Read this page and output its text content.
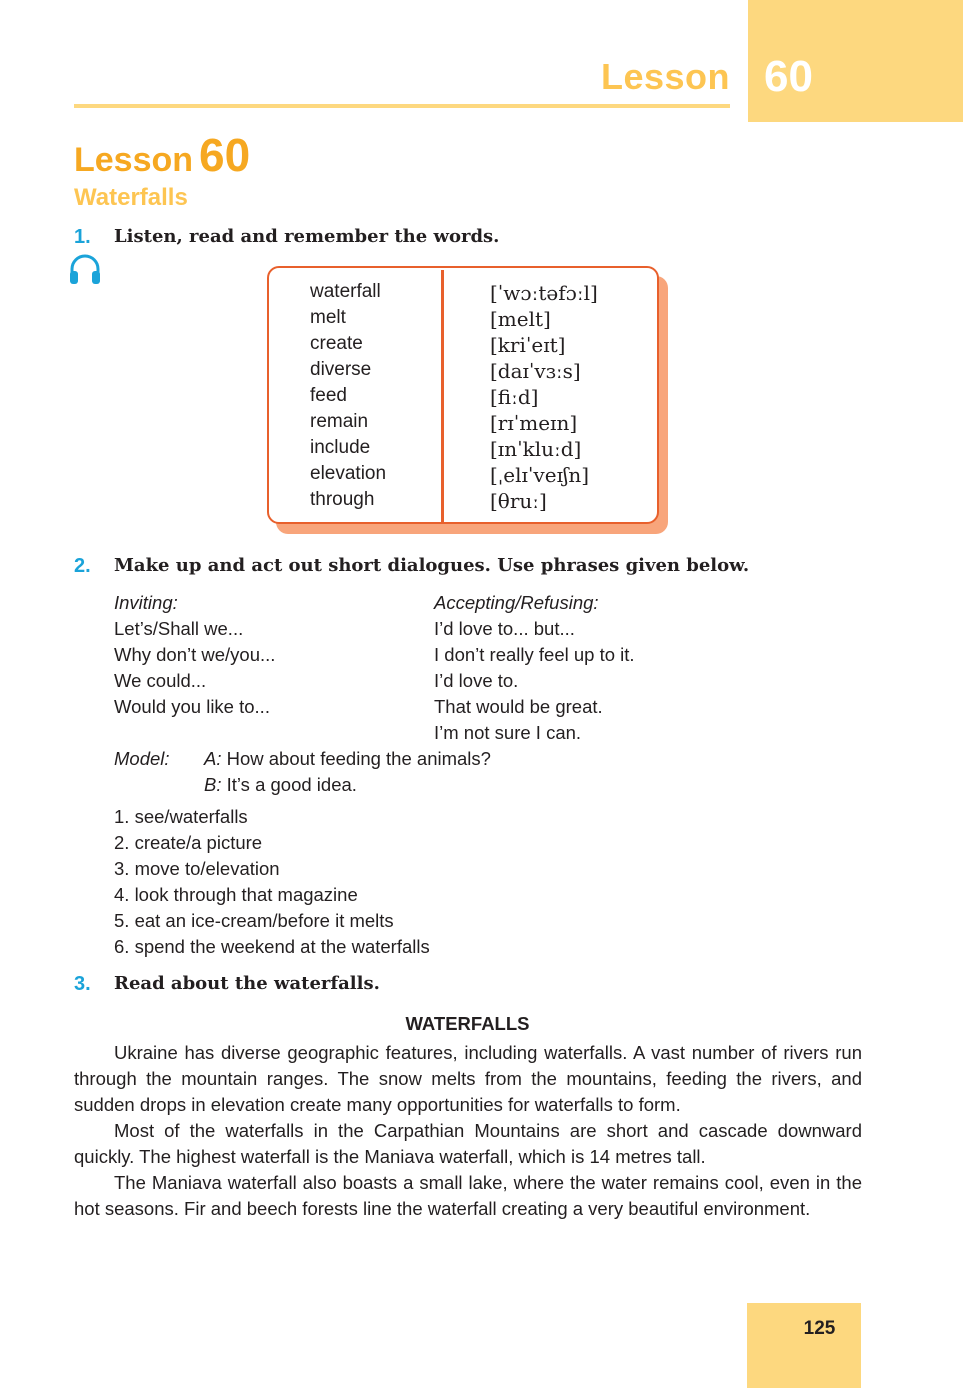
Lesson 60
Lesson 60
Waterfalls
1. Listen, read and remember the words.
waterfall
melt
create
diverse
feed
remain
include
elevation
through
[ˈwɔːtəfɔːl]
[melt]
[kriˈeɪt]
[daɪˈvɜːs]
[fiːd]
[rɪˈmeɪn]
[ɪnˈkluːd]
[ˌelɪˈveɪʃn]
[θruː]
2. Make up and act out short dialogues. Use phrases given below.
Inviting:
Let’s/Shall we...
Why don’t we/you...
We could...
Would you like to...
Accepting/Refusing:
I’d love to... but...
I don’t really feel up to it.
I’d love to.
That would be great.
I’m not sure I can.
Model: A: How about feeding the animals?
B: It’s a good idea.
1. see/waterfalls
2. create/a picture
3. move to/elevation
4. look through that magazine
5. eat an ice-cream/before it melts
6. spend the weekend at the waterfalls
3. Read about the waterfalls.
WATERFALLS

Ukraine has diverse geographic features, including waterfalls. A vast number of rivers run through the mountain ranges. The snow melts from the mountains, feeding the rivers, and sudden drops in elevation create many opportunities for waterfalls to form.

Most of the waterfalls in the Carpathian Mountains are short and cascade downward quickly. The highest waterfall is the Maniava waterfall, which is 14 metres tall.

The Maniava waterfall also boasts a small lake, where the water remains cool, even in the hot seasons. Fir and beech forests line the waterfall creating a very beautiful environment.

125
